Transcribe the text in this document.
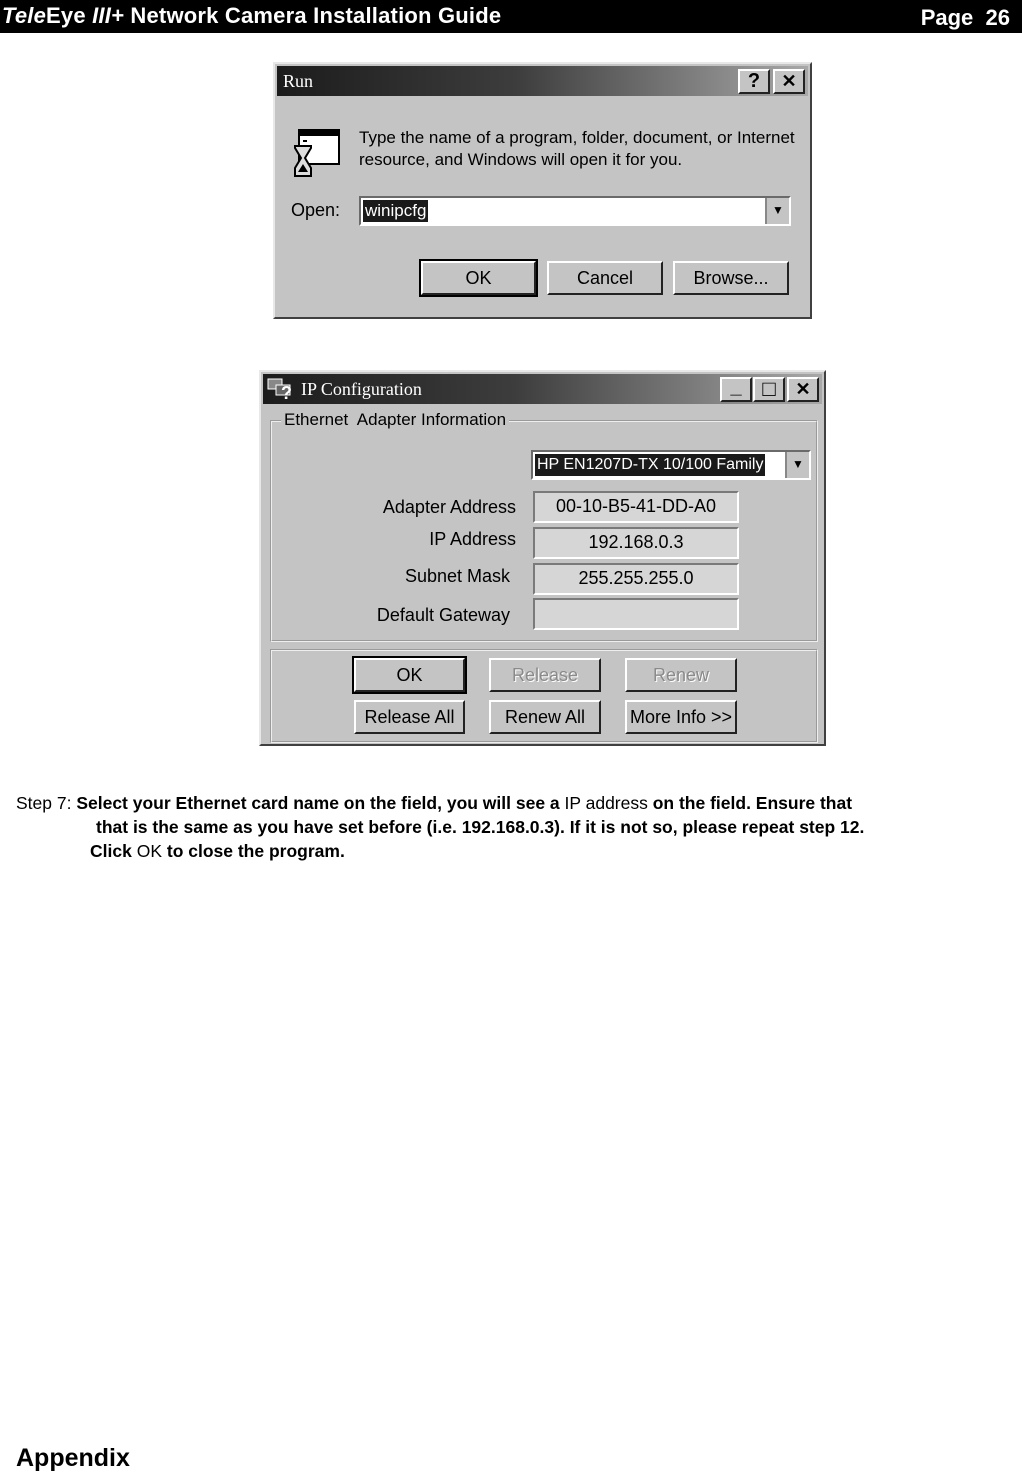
TeleEye III+ Network Camera Installation Guide	Page 26
Run	?	✕
Type the name of a program, folder, document, or Internet
resource, and Windows will open it for you.
Open: winipcfg	▼
OK	Cancel	Browse...
? IP Configuration	_ □	✕
Ethernet  Adapter Information
HP EN1207D-TX 10/100 Family	▼
Adapter Address	00-10-B5-41-DD-A0
IP Address	192.168.0.3
Subnet Mask	255.255.255.0
Default Gateway
OK	Release	Renew
Release All	Renew All	More Info >>
Step 7: Select your Ethernet card name on the field, you will see a IP address on the field. Ensure that
that is the same as you have set before (i.e. 192.168.0.3). If it is not so, please repeat step 12.
Click OK to close the program.
Appendix
